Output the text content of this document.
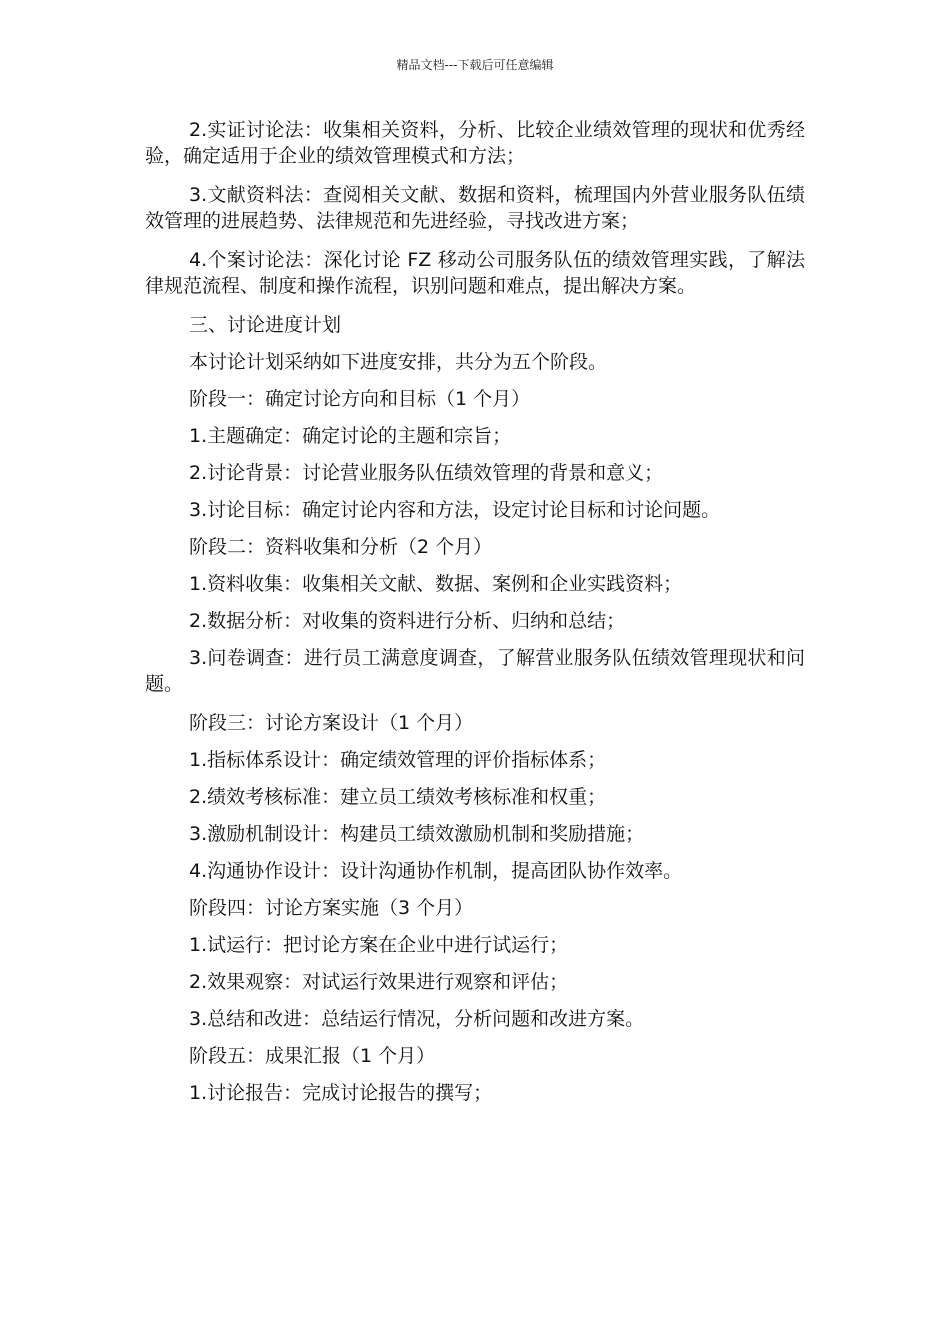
精品文档---下载后可任意编辑

2.实证讨论法：收集相关资料，分析、比较企业绩效管理的现状和优秀经验，确定适用于企业的绩效管理模式和方法；

3.文献资料法：查阅相关文献、数据和资料，梳理国内外营业服务队伍绩效管理的进展趋势、法律规范和先进经验，寻找改进方案；

4.个案讨论法：深化讨论 FZ 移动公司服务队伍的绩效管理实践，了解法律规范流程、制度和操作流程，识别问题和难点，提出解决方案。

三、讨论进度计划

本讨论计划采纳如下进度安排，共分为五个阶段。

阶段一：确定讨论方向和目标（1 个月）

1.主题确定：确定讨论的主题和宗旨；

2.讨论背景：讨论营业服务队伍绩效管理的背景和意义；

3.讨论目标：确定讨论内容和方法，设定讨论目标和讨论问题。

阶段二：资料收集和分析（2 个月）

1.资料收集：收集相关文献、数据、案例和企业实践资料；

2.数据分析：对收集的资料进行分析、归纳和总结；

3.问卷调查：进行员工满意度调查，了解营业服务队伍绩效管理现状和问题。

阶段三：讨论方案设计（1 个月）

1.指标体系设计：确定绩效管理的评价指标体系；

2.绩效考核标准：建立员工绩效考核标准和权重；

3.激励机制设计：构建员工绩效激励机制和奖励措施；

4.沟通协作设计：设计沟通协作机制，提高团队协作效率。

阶段四：讨论方案实施（3 个月）

1.试运行：把讨论方案在企业中进行试运行；

2.效果观察：对试运行效果进行观察和评估；

3.总结和改进：总结运行情况，分析问题和改进方案。

阶段五：成果汇报（1 个月）

1.讨论报告：完成讨论报告的撰写；
